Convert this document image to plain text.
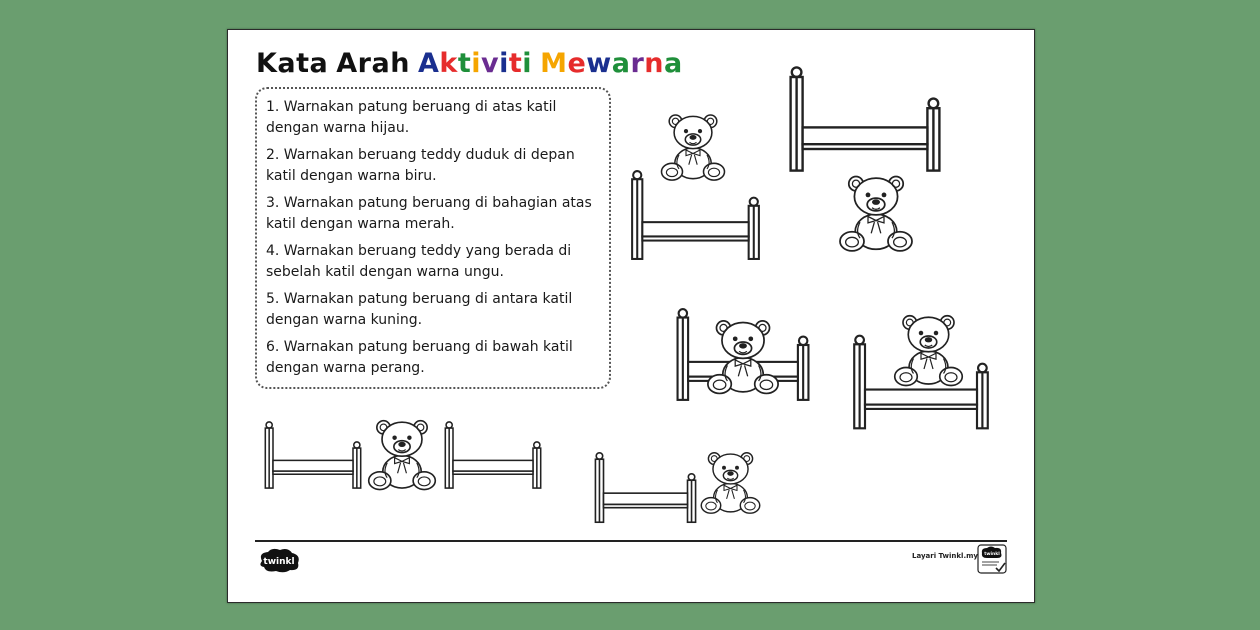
Kata Arah Aktiviti Mewarna
1. Warnakan patung beruang di atas katil dengan warna hijau.
2. Warnakan beruang teddy duduk di depan katil dengan warna biru.
3. Warnakan patung beruang di bahagian atas katil dengan warna merah.
4. Warnakan beruang teddy yang berada di sebelah katil dengan warna ungu.
5. Warnakan patung beruang di antara katil dengan warna kuning.
6. Warnakan patung beruang di bawah katil dengan warna perang.
twinkl
Layari Twinkl.my twinkl
